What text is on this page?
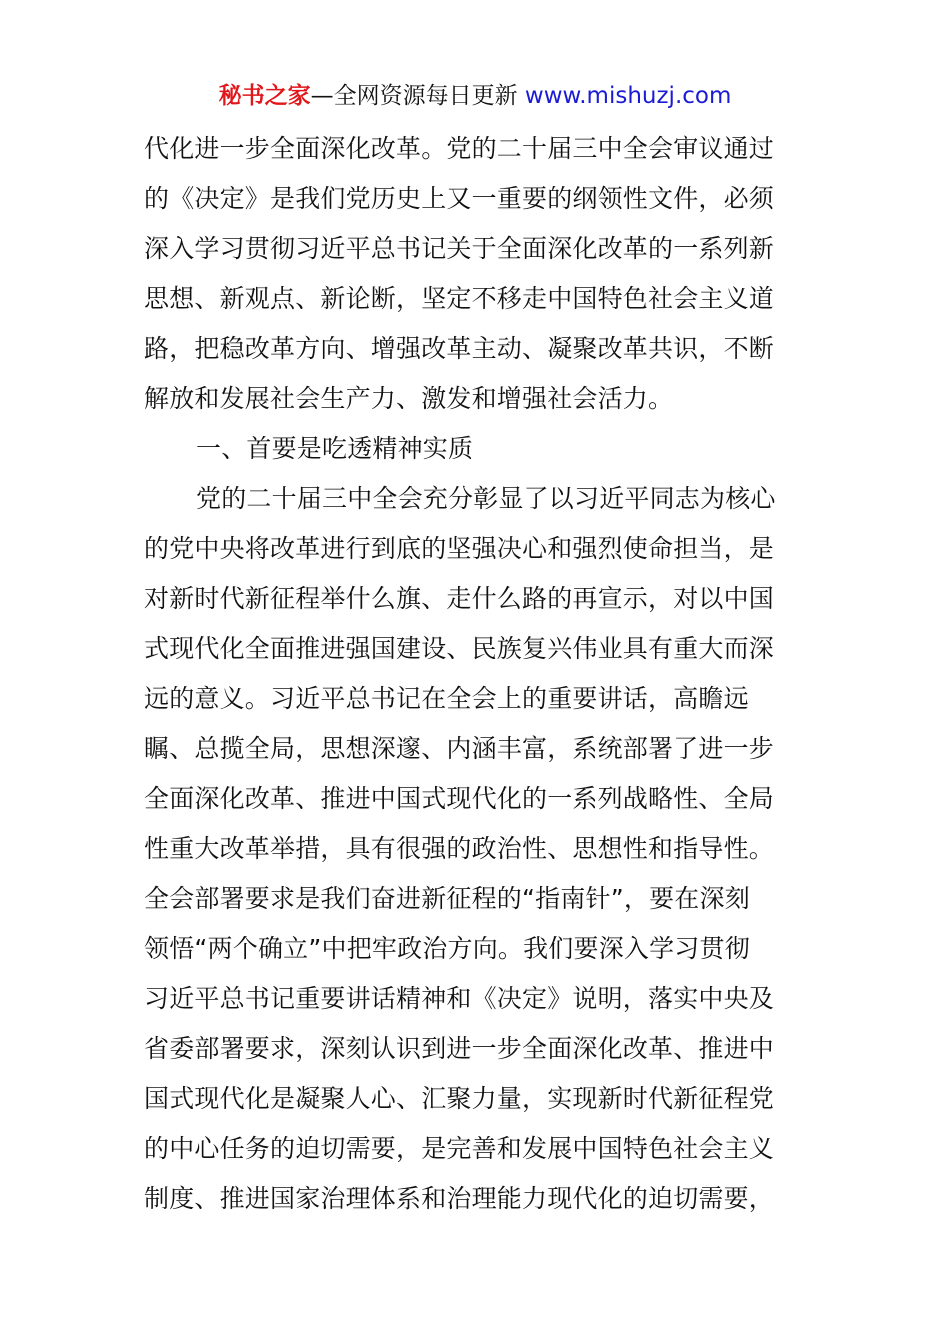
秘书之家—全网资源每日更新 www.mishuzj.com
代化进一步全面深化改革。党的二十届三中全会审议通过
的《决定》是我们党历史上又一重要的纲领性文件，必须
深入学习贯彻习近平总书记关于全面深化改革的一系列新
思想、新观点、新论断，坚定不移走中国特色社会主义道
路，把稳改革方向、增强改革主动、凝聚改革共识，不断
解放和发展社会生产力、激发和增强社会活力。
一、首要是吃透精神实质
党的二十届三中全会充分彰显了以习近平同志为核心
的党中央将改革进行到底的坚强决心和强烈使命担当，是
对新时代新征程举什么旗、走什么路的再宣示，对以中国
式现代化全面推进强国建设、民族复兴伟业具有重大而深
远的意义。习近平总书记在全会上的重要讲话，高瞻远
瞩、总揽全局，思想深邃、内涵丰富，系统部署了进一步
全面深化改革、推进中国式现代化的一系列战略性、全局
性重大改革举措，具有很强的政治性、思想性和指导性。
全会部署要求是我们奋进新征程的“指南针”，要在深刻
领悟“两个确立”中把牢政治方向。我们要深入学习贯彻
习近平总书记重要讲话精神和《决定》说明，落实中央及
省委部署要求，深刻认识到进一步全面深化改革、推进中
国式现代化是凝聚人心、汇聚力量，实现新时代新征程党
的中心任务的迫切需要，是完善和发展中国特色社会主义
制度、推进国家治理体系和治理能力现代化的迫切需要，
